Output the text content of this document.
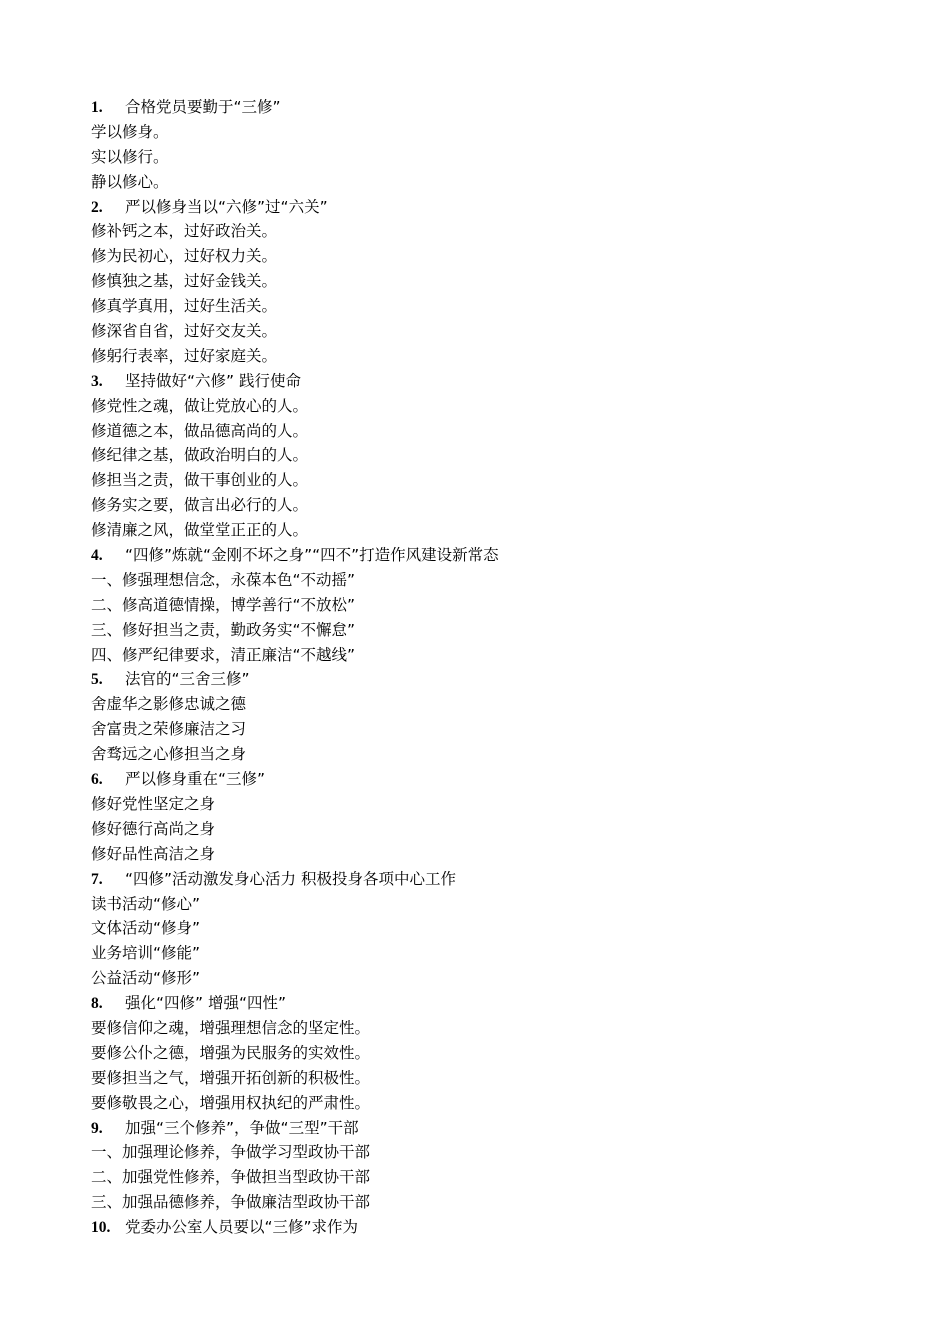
1. 合格党员要勤于“三修”
学以修身。
实以修行。
静以修心。
2. 严以修身当以“六修”过“六关”
修补钙之本，过好政治关。
修为民初心，过好权力关。
修慎独之基，过好金钱关。
修真学真用，过好生活关。
修深省自省，过好交友关。
修躬行表率，过好家庭关。
3. 坚持做好“六修” 践行使命
修党性之魂，做让党放心的人。
修道德之本，做品德高尚的人。
修纪律之基，做政治明白的人。
修担当之责，做干事创业的人。
修务实之要，做言出必行的人。
修清廉之风，做堂堂正正的人。
4. “四修”炼就“金刚不坏之身”“四不”打造作风建设新常态
一、修强理想信念，永葆本色“不动摇”
二、修高道德情操，博学善行“不放松”
三、修好担当之责，勤政务实“不懈怠”
四、修严纪律要求，清正廉洁“不越线”
5. 法官的“三舍三修”
舍虚华之影修忠诚之德
舍富贵之荣修廉洁之习
舍骛远之心修担当之身
6. 严以修身重在“三修”
修好党性坚定之身
修好德行高尚之身
修好品性高洁之身
7. “四修”活动激发身心活力 积极投身各项中心工作
读书活动“修心”
文体活动“修身”
业务培训“修能”
公益活动“修形”
8. 强化“四修” 增强“四性”
要修信仰之魂，增强理想信念的坚定性。
要修公仆之德，增强为民服务的实效性。
要修担当之气，增强开拓创新的积极性。
要修敬畏之心，增强用权执纪的严肃性。
9. 加强“三个修养”，争做“三型”干部
一、加强理论修养，争做学习型政协干部
二、加强党性修养，争做担当型政协干部
三、加强品德修养，争做廉洁型政协干部
10. 党委办公室人员要以“三修”求作为
